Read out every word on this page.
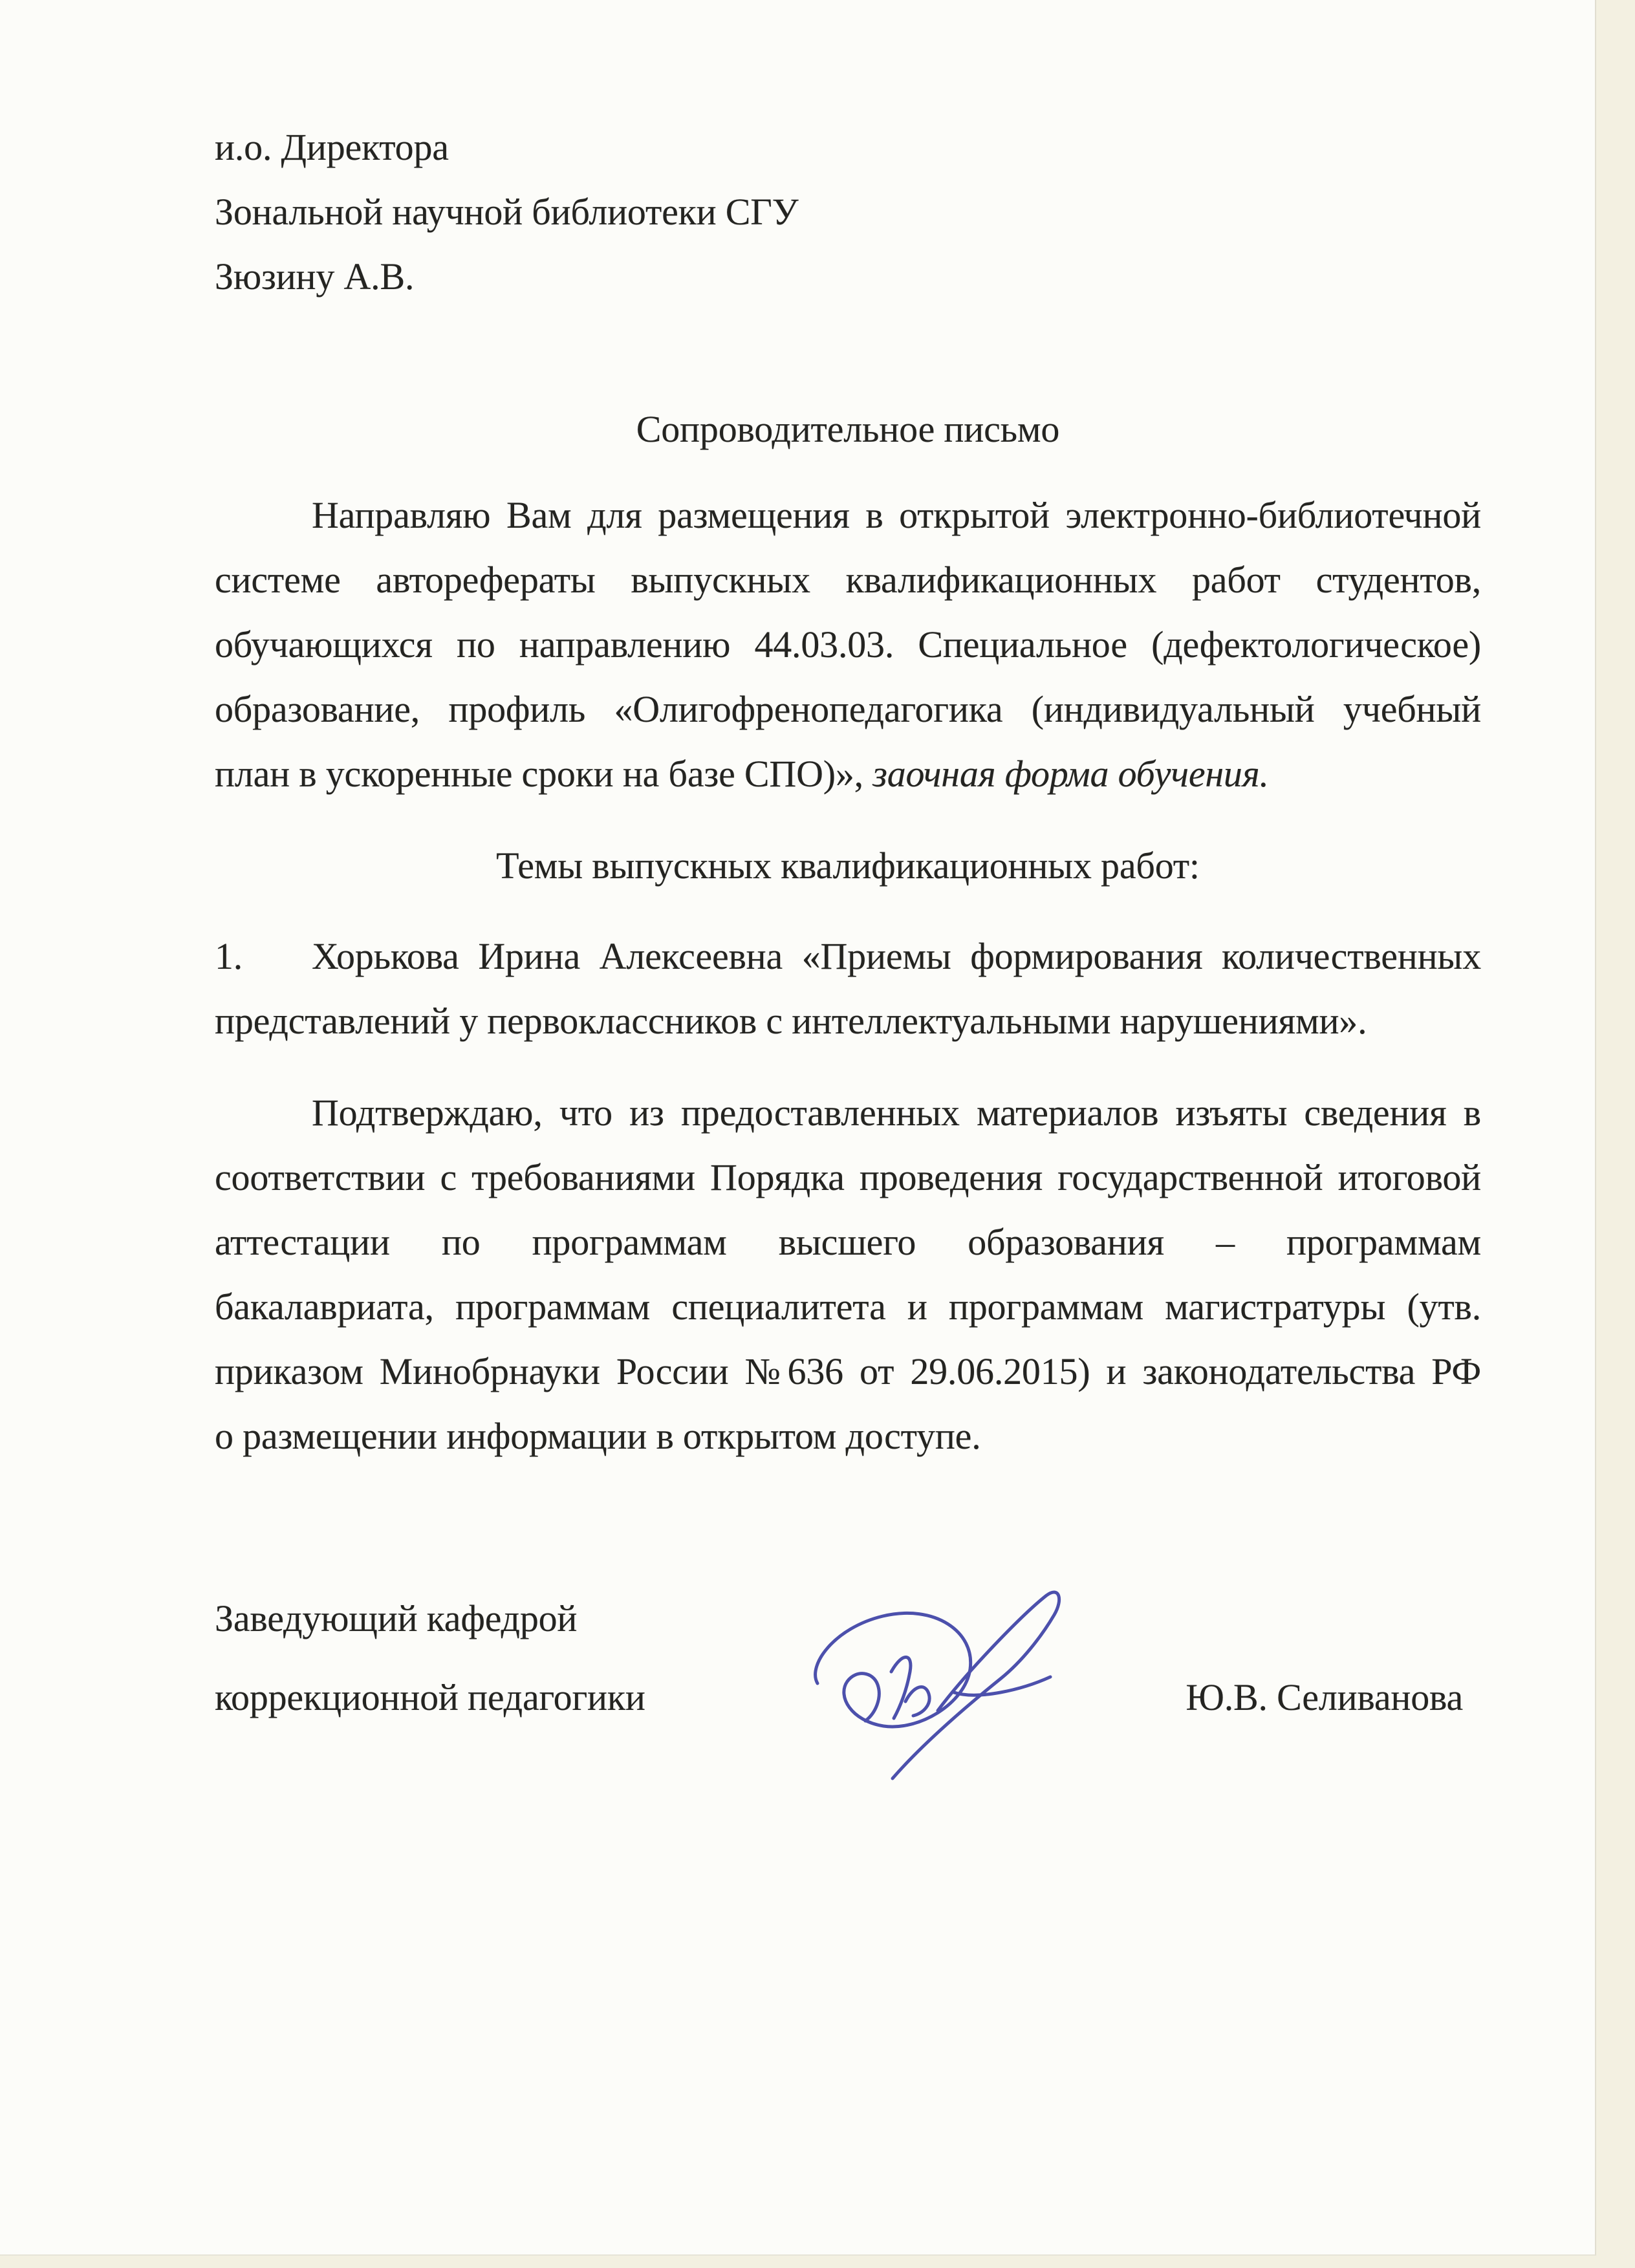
и.о. Директора
Зональной научной библиотеки СГУ
Зюзину А.В.
Сопроводительное письмо
Направляю Вам для размещения в открытой электронно-библиотечной
системе авторефераты выпускных квалификационных работ студентов,
обучающихся по направлению 44.03.03. Специальное (дефектологическое)
образование, профиль «Олигофренопедагогика (индивидуальный учебный
план в ускоренные сроки на базе СПО)», заочная форма обучения.
Темы выпускных квалификационных работ:
1. Хорькова Ирина Алексеевна «Приемы формирования количественных
представлений у первоклассников с интеллектуальными нарушениями».
Подтверждаю, что из предоставленных материалов изъяты сведения в
соответствии с требованиями Порядка проведения государственной итоговой
аттестации по программам высшего образования – программам
бакалавриата, программам специалитета и программам магистратуры (утв.
приказом Минобрнауки России №636 от 29.06.2015) и законодательства РФ
о размещении информации в открытом доступе.
Заведующий кафедрой
коррекционной педагогики	Ю.В. Селиванова
